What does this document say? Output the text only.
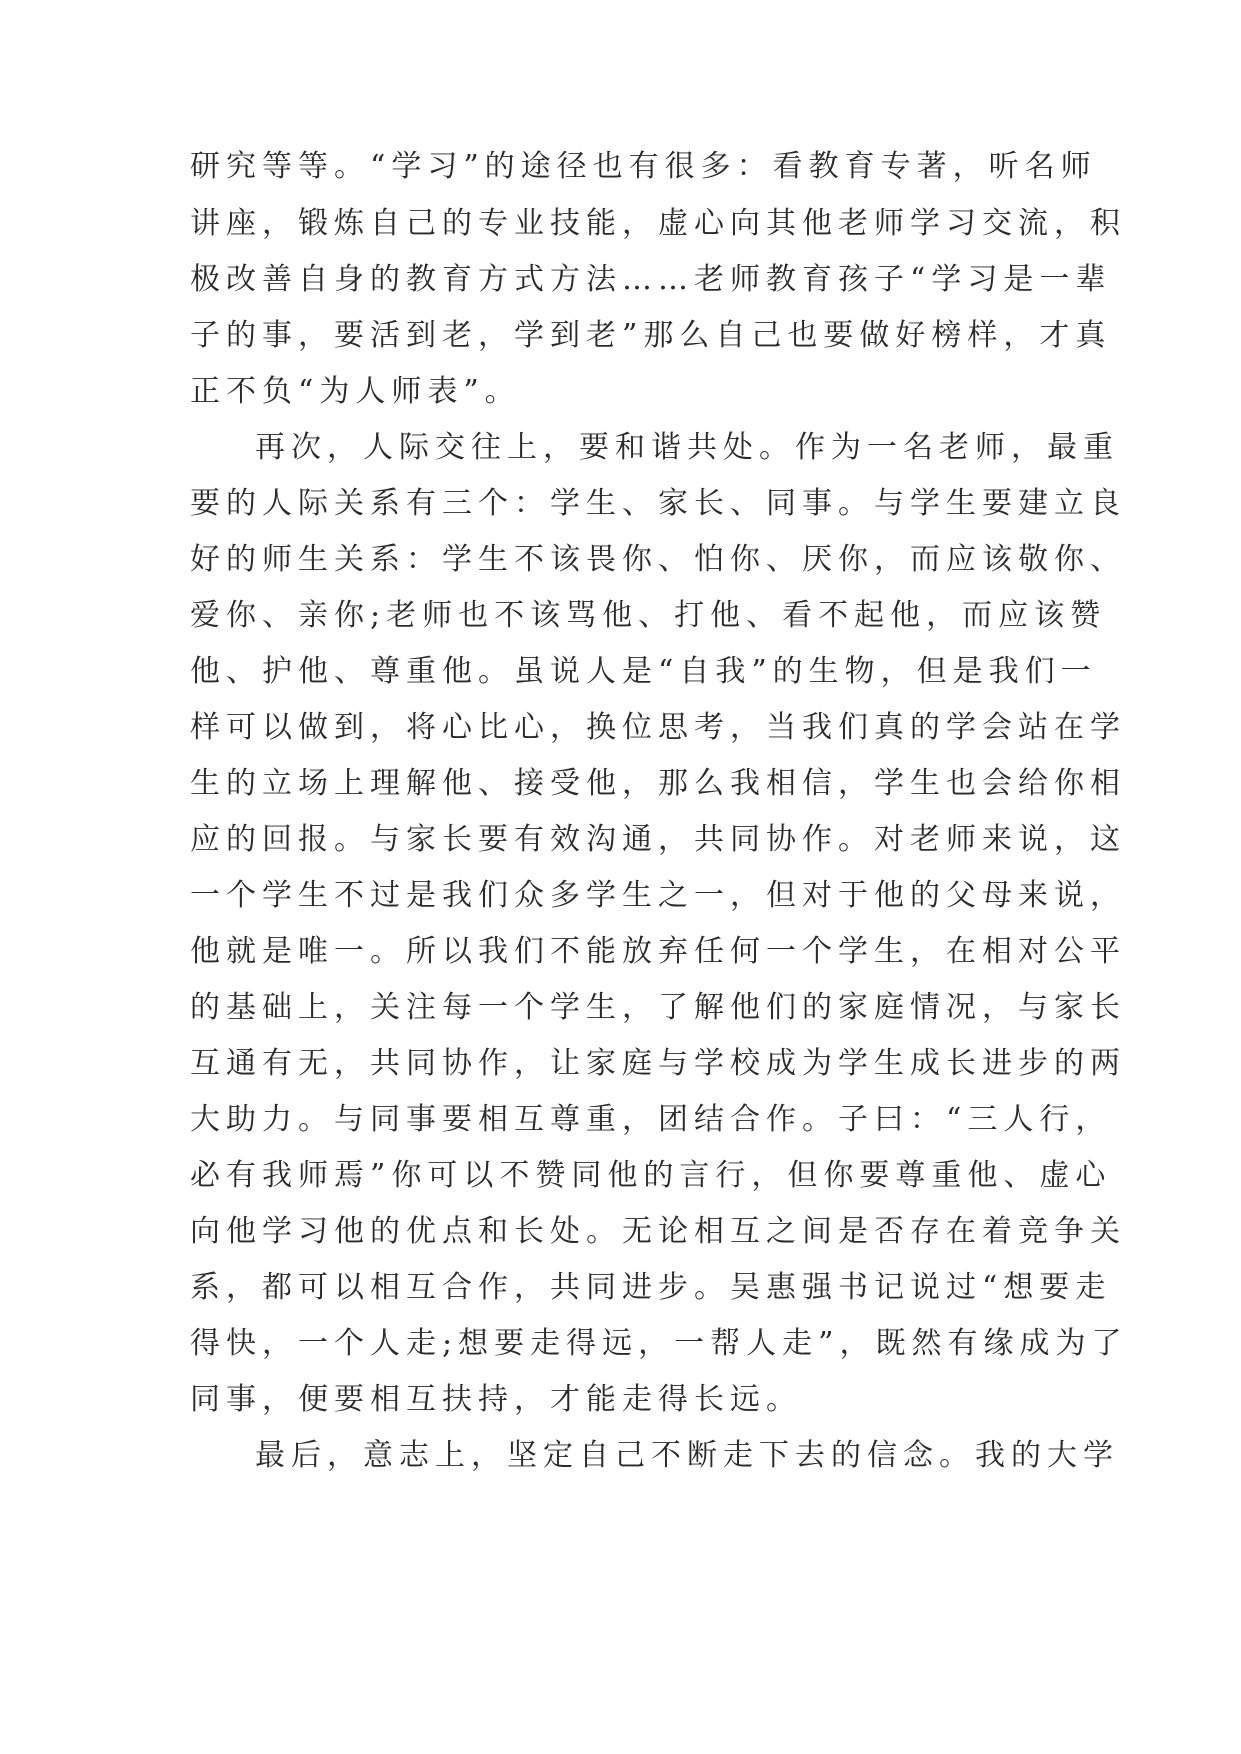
研究等等。“学习”的途径也有很多：看教育专著，听名师
讲座，锻炼自己的专业技能，虚心向其他老师学习交流，积
极改善自身的教育方式方法……老师教育孩子“学习是一辈
子的事，要活到老，学到老”那么自己也要做好榜样，才真
正不负“为人师表”。
再次，人际交往上，要和谐共处。作为一名老师，最重
要的人际关系有三个：学生、家长、同事。与学生要建立良
好的师生关系：学生不该畏你、怕你、厌你，而应该敬你、
爱你、亲你;老师也不该骂他、打他、看不起他，而应该赞
他、护他、尊重他。虽说人是“自我”的生物，但是我们一
样可以做到，将心比心，换位思考，当我们真的学会站在学
生的立场上理解他、接受他，那么我相信，学生也会给你相
应的回报。与家长要有效沟通，共同协作。对老师来说，这
一个学生不过是我们众多学生之一，但对于他的父母来说，
他就是唯一。所以我们不能放弃任何一个学生，在相对公平
的基础上，关注每一个学生，了解他们的家庭情况，与家长
互通有无，共同协作，让家庭与学校成为学生成长进步的两
大助力。与同事要相互尊重，团结合作。子曰：“三人行，
必有我师焉”你可以不赞同他的言行，但你要尊重他、虚心
向他学习他的优点和长处。无论相互之间是否存在着竞争关
系，都可以相互合作，共同进步。吴惠强书记说过“想要走
得快，一个人走;想要走得远，一帮人走”，既然有缘成为了
同事，便要相互扶持，才能走得长远。
最后，意志上，坚定自己不断走下去的信念。我的大学
